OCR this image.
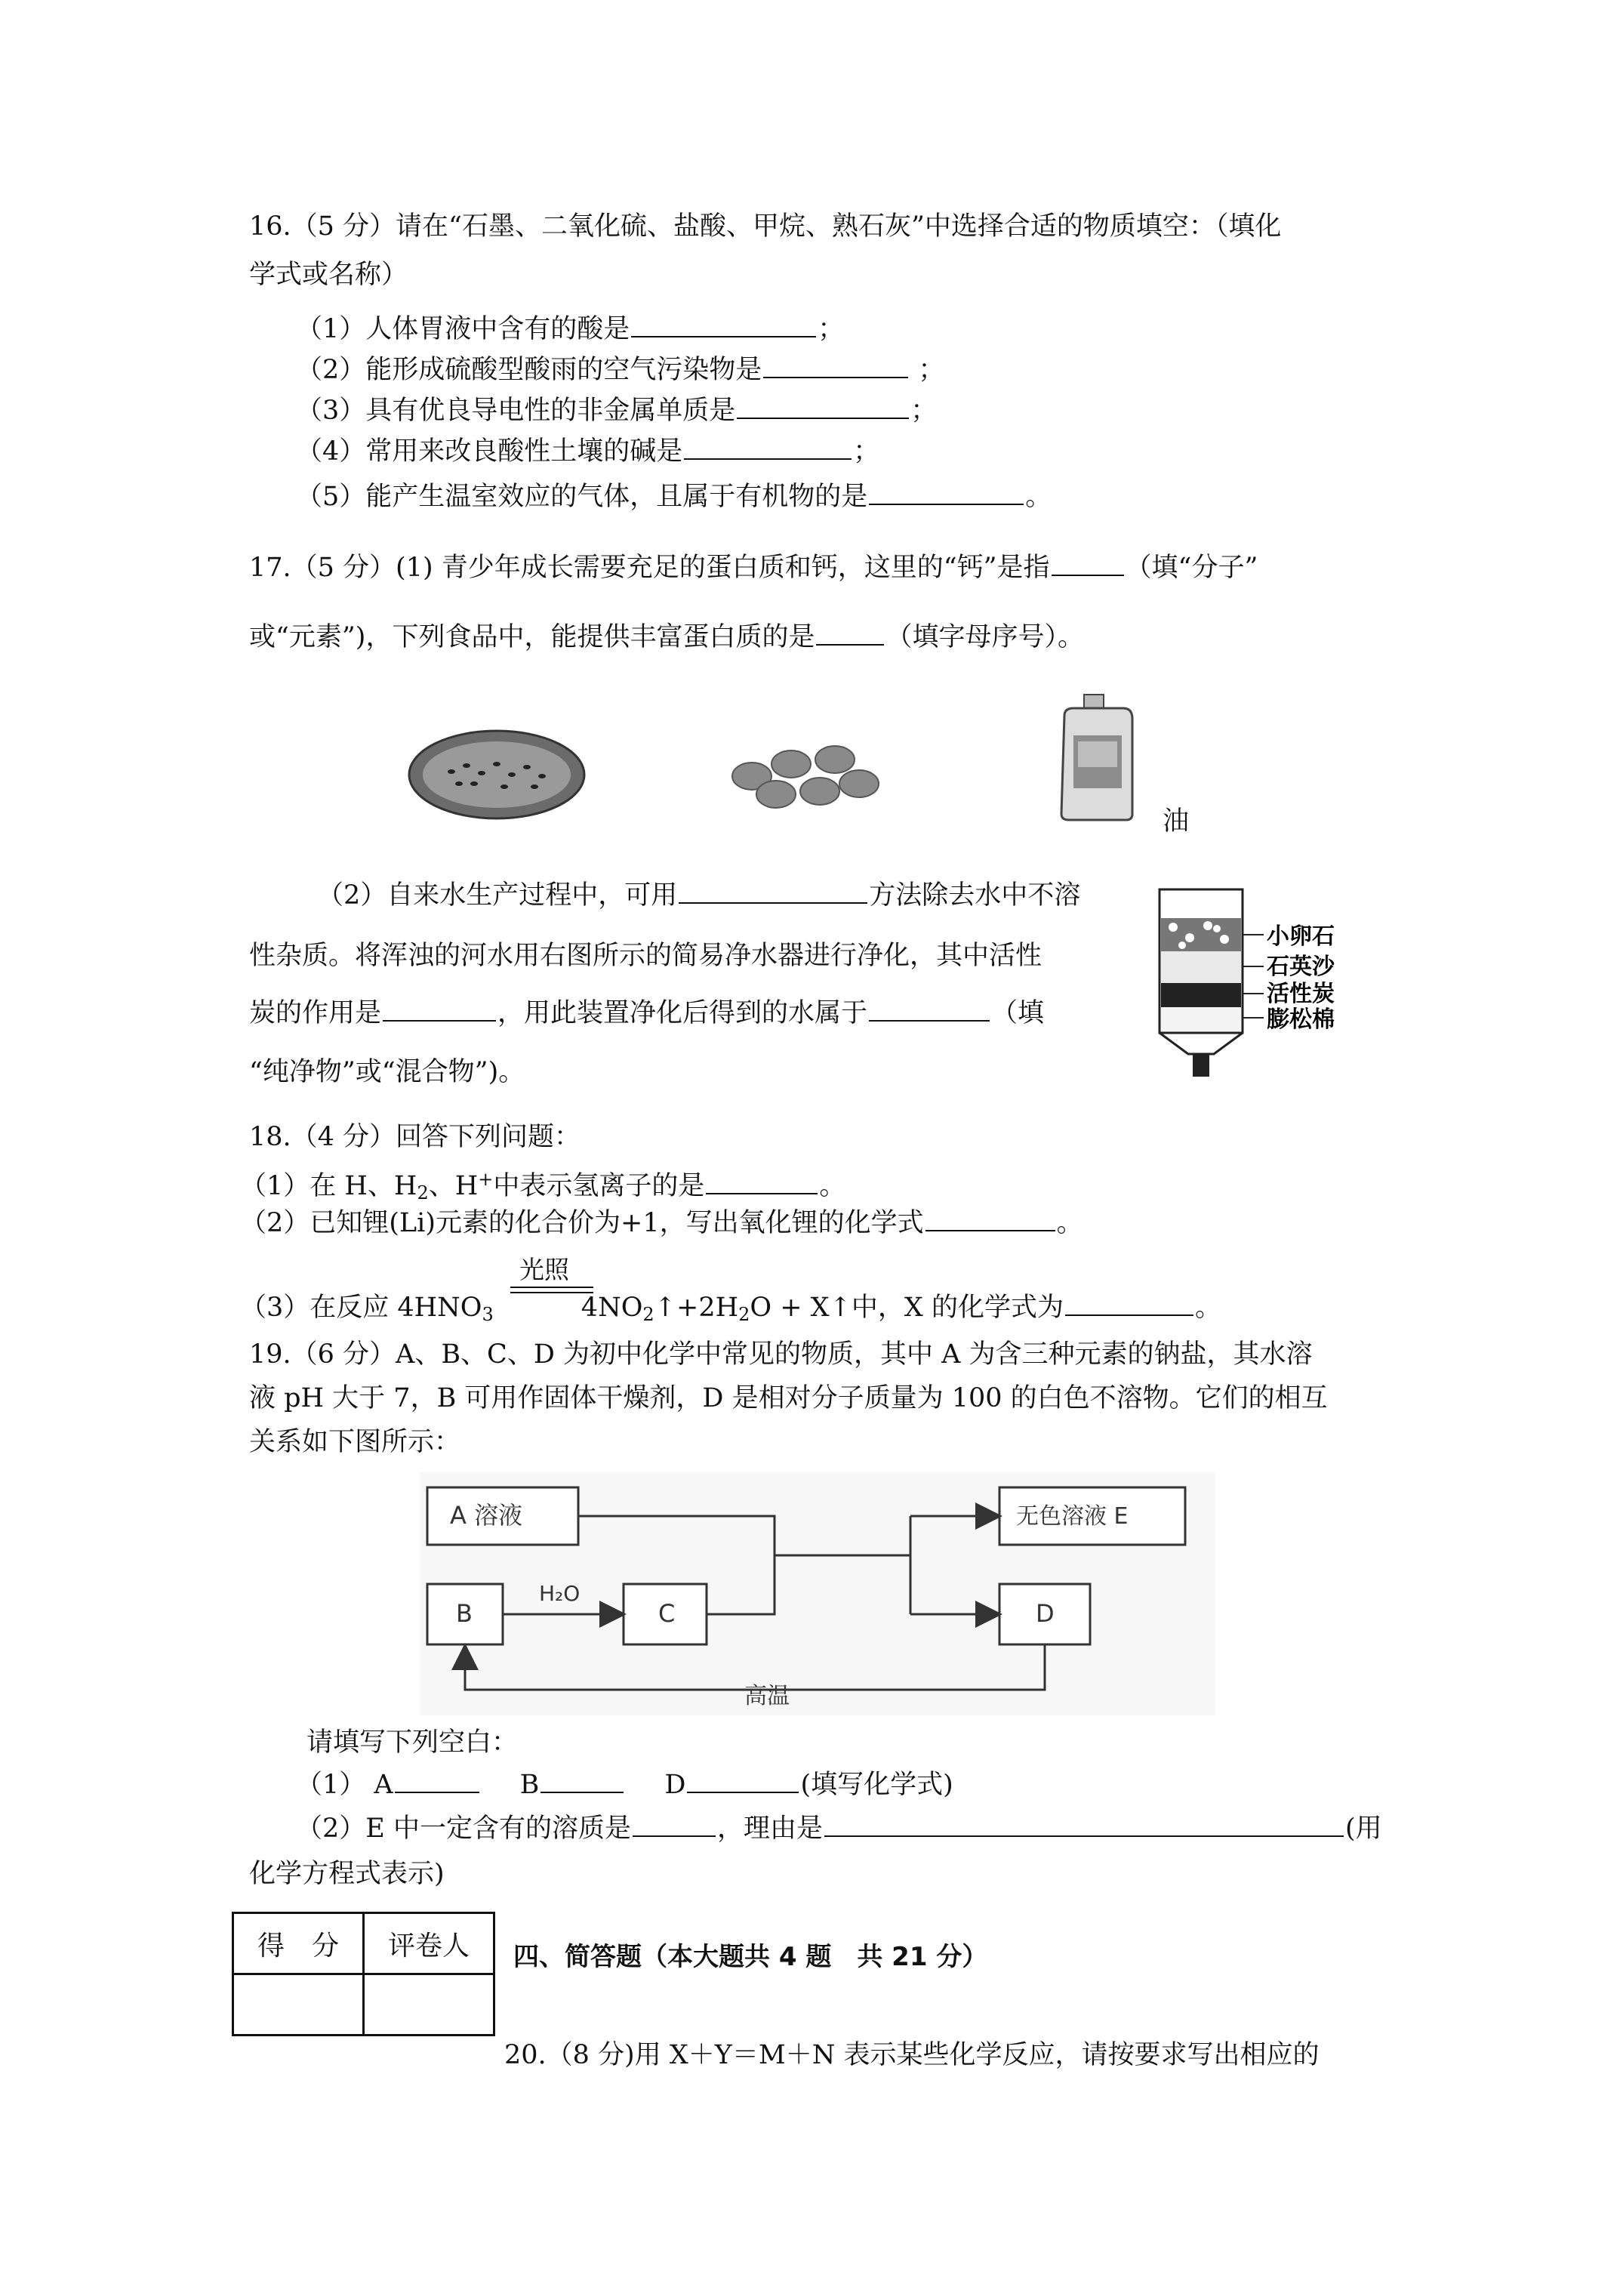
16.（5 分）请在“石墨、二氧化硫、盐酸、甲烷、熟石灰”中选择合适的物质填空：（填化
学式或名称）
（1）人体胃液中含有的酸是	；
（2）能形成硫酸型酸雨的空气污染物是	；
（3）具有优良导电性的非金属单质是	；
（4）常用来改良酸性土壤的碱是	；
（5）能产生温室效应的气体，且属于有机物的是	。
17.（5 分）(1) 青少年成长需要充足的蛋白质和钙，这里的“钙”是指	（填“分子”
或“元素”)，下列食品中，能提供丰富蛋白质的是	（填字母序号）。
油
（2）自来水生产过程中，可用	方法除去水中不溶
性杂质。将浑浊的河水用右图所示的简易净水器进行净化，其中活性
炭的作用是	，用此装置净化后得到的水属于	（填
“纯净物”或“混合物”)。
小卵石
石英沙
活性炭
膨松棉
18.（4 分）回答下列问题：
（1）在 H、$H_2$、H+中表示氢离子的是	。
（2）已知锂(Li)元素的化合价为+1，写出氧化锂的化学式	。
光照
（3）在反应 $4HNO_3$	$4NO_2↑+2H_2O$ + X↑中，X 的化学式为	。
19.（6 分）A、B、C、D 为初中化学中常见的物质，其中 A 为含三种元素的钠盐，其水溶
液 pH 大于 7，B 可用作固体干燥剂，D 是相对分子质量为 100 的白色不溶物。它们的相互
关系如下图所示：
A 溶液	无色溶液 E
B	C	D
H₂O
高温
请填写下列空白：
（1） A	B	D	(填写化学式)
（2）E 中一定含有的溶质是	，理由是	(用
化学方程式表示)
得　分	评卷人
	四、简答题（本大题共 4 题　共 21 分）
20.（8 分)用 X＋Y＝M＋N 表示某些化学反应，请按要求写出相应的
